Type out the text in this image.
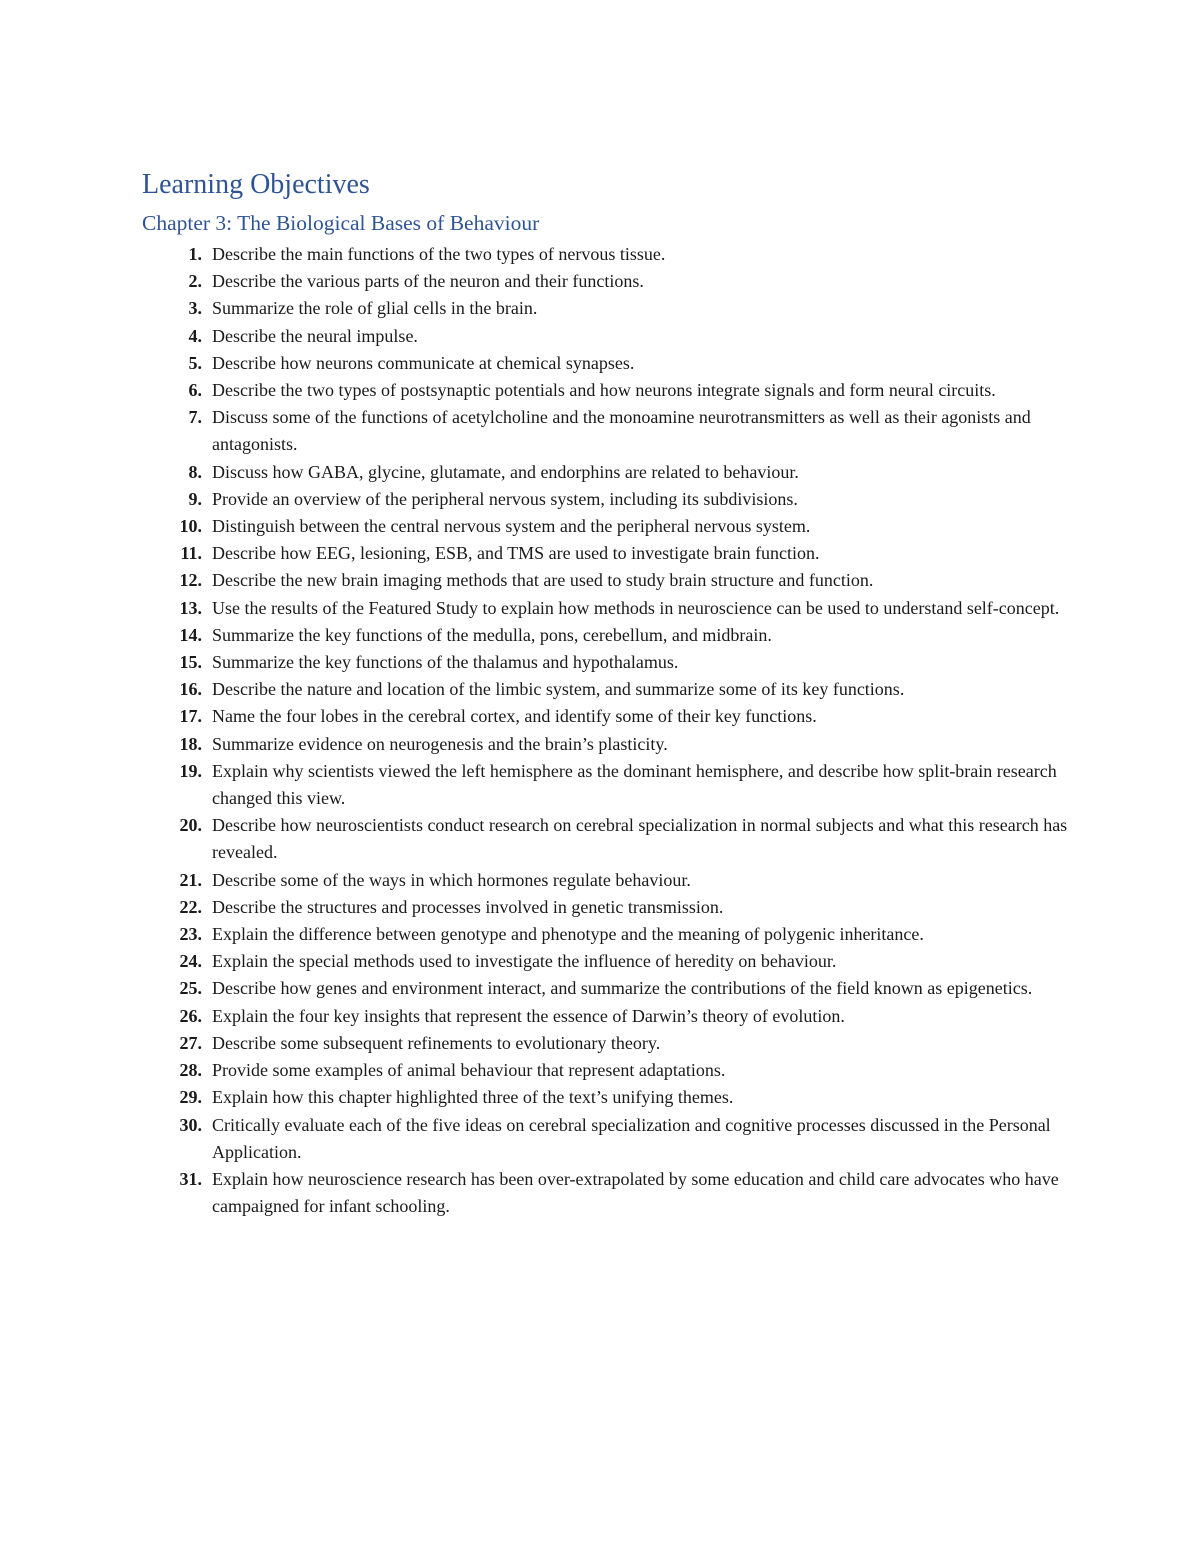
Learning Objectives
Chapter 3: The Biological Bases of Behaviour
1. Describe the main functions of the two types of nervous tissue.
2. Describe the various parts of the neuron and their functions.
3. Summarize the role of glial cells in the brain.
4. Describe the neural impulse.
5. Describe how neurons communicate at chemical synapses.
6. Describe the two types of postsynaptic potentials and how neurons integrate signals and form neural circuits.
7. Discuss some of the functions of acetylcholine and the monoamine neurotransmitters as well as their agonists and antagonists.
8. Discuss how GABA, glycine, glutamate, and endorphins are related to behaviour.
9. Provide an overview of the peripheral nervous system, including its subdivisions.
10. Distinguish between the central nervous system and the peripheral nervous system.
11. Describe how EEG, lesioning, ESB, and TMS are used to investigate brain function.
12. Describe the new brain imaging methods that are used to study brain structure and function.
13. Use the results of the Featured Study to explain how methods in neuroscience can be used to understand self-concept.
14. Summarize the key functions of the medulla, pons, cerebellum, and midbrain.
15. Summarize the key functions of the thalamus and hypothalamus.
16. Describe the nature and location of the limbic system, and summarize some of its key functions.
17. Name the four lobes in the cerebral cortex, and identify some of their key functions.
18. Summarize evidence on neurogenesis and the brain’s plasticity.
19. Explain why scientists viewed the left hemisphere as the dominant hemisphere, and describe how split-brain research changed this view.
20. Describe how neuroscientists conduct research on cerebral specialization in normal subjects and what this research has revealed.
21. Describe some of the ways in which hormones regulate behaviour.
22. Describe the structures and processes involved in genetic transmission.
23. Explain the difference between genotype and phenotype and the meaning of polygenic inheritance.
24. Explain the special methods used to investigate the influence of heredity on behaviour.
25. Describe how genes and environment interact, and summarize the contributions of the field known as epigenetics.
26. Explain the four key insights that represent the essence of Darwin’s theory of evolution.
27. Describe some subsequent refinements to evolutionary theory.
28. Provide some examples of animal behaviour that represent adaptations.
29. Explain how this chapter highlighted three of the text’s unifying themes.
30. Critically evaluate each of the five ideas on cerebral specialization and cognitive processes discussed in the Personal Application.
31. Explain how neuroscience research has been over-extrapolated by some education and child care advocates who have campaigned for infant schooling.
